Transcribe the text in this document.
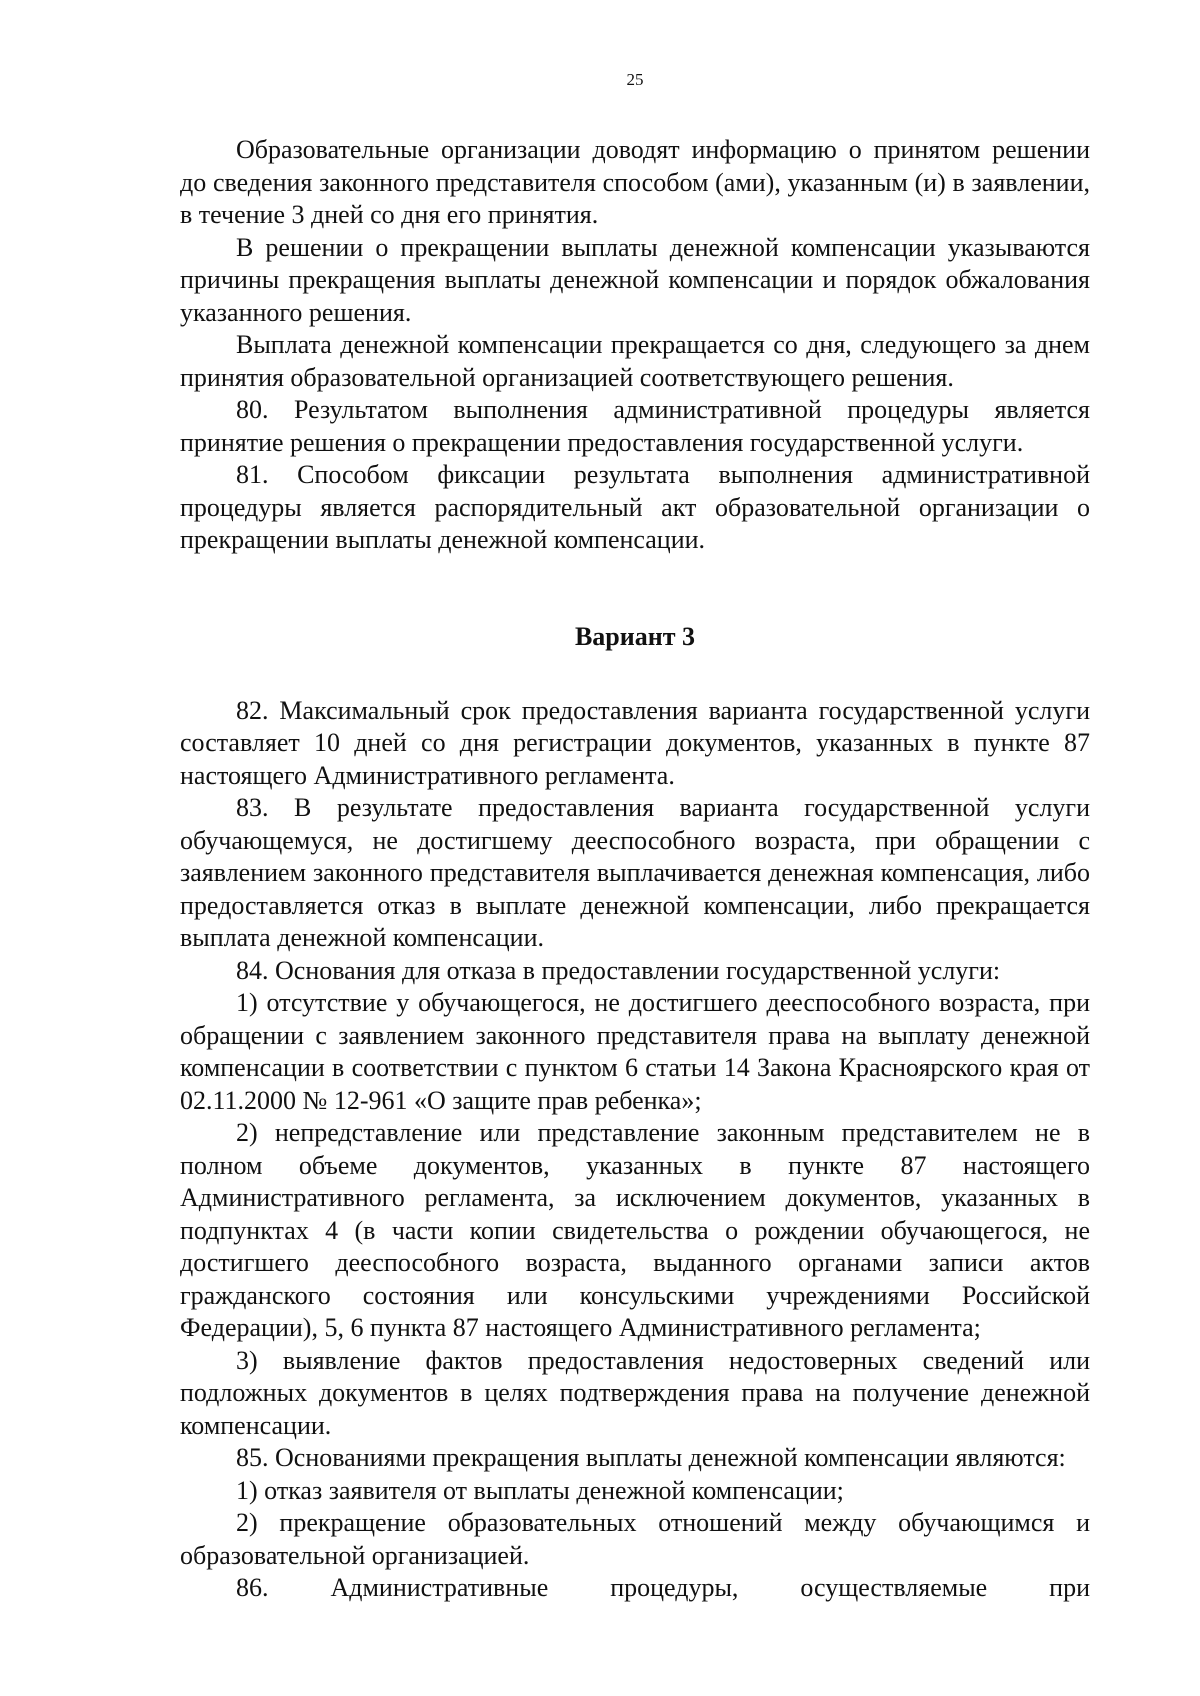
25

Образовательные организации доводят информацию о принятом решении до сведения законного представителя способом (ами), указанным (и) в заявлении, в течение 3 дней со дня его принятия.

В решении о прекращении выплаты денежной компенсации указываются причины прекращения выплаты денежной компенсации и порядок обжалования указанного решения.

Выплата денежной компенсации прекращается со дня, следующего за днем принятия образовательной организацией соответствующего решения.

80. Результатом выполнения административной процедуры является принятие решения о прекращении предоставления государственной услуги.

81. Способом фиксации результата выполнения административной процедуры является распорядительный акт образовательной организации о прекращении выплаты денежной компенсации.

Вариант 3

82. Максимальный срок предоставления варианта государственной услуги составляет 10 дней со дня регистрации документов, указанных в пункте 87 настоящего Административного регламента.

83. В результате предоставления варианта государственной услуги обучающемуся, не достигшему дееспособного возраста, при обращении с заявлением законного представителя выплачивается денежная компенсация, либо предоставляется отказ в выплате денежной компенсации, либо прекращается выплата денежной компенсации.

84. Основания для отказа в предоставлении государственной услуги:

1) отсутствие у обучающегося, не достигшего дееспособного возраста, при обращении с заявлением законного представителя права на выплату денежной компенсации в соответствии с пунктом 6 статьи 14 Закона Красноярского края от 02.11.2000 № 12-961 «О защите прав ребенка»;

2) непредставление или представление законным представителем не в полном объеме документов, указанных в пункте 87 настоящего Административного регламента, за исключением документов, указанных в подпунктах 4 (в части копии свидетельства о рождении обучающегося, не достигшего дееспособного возраста, выданного органами записи актов гражданского состояния или консульскими учреждениями Российской Федерации), 5, 6 пункта 87 настоящего Административного регламента;

3) выявление фактов предоставления недостоверных сведений или подложных документов в целях подтверждения права на получение денежной компенсации.

85. Основаниями прекращения выплаты денежной компенсации являются:

1) отказ заявителя от выплаты денежной компенсации;

2) прекращение образовательных отношений между обучающимся и образовательной организацией.

86. Административные процедуры, осуществляемые при
